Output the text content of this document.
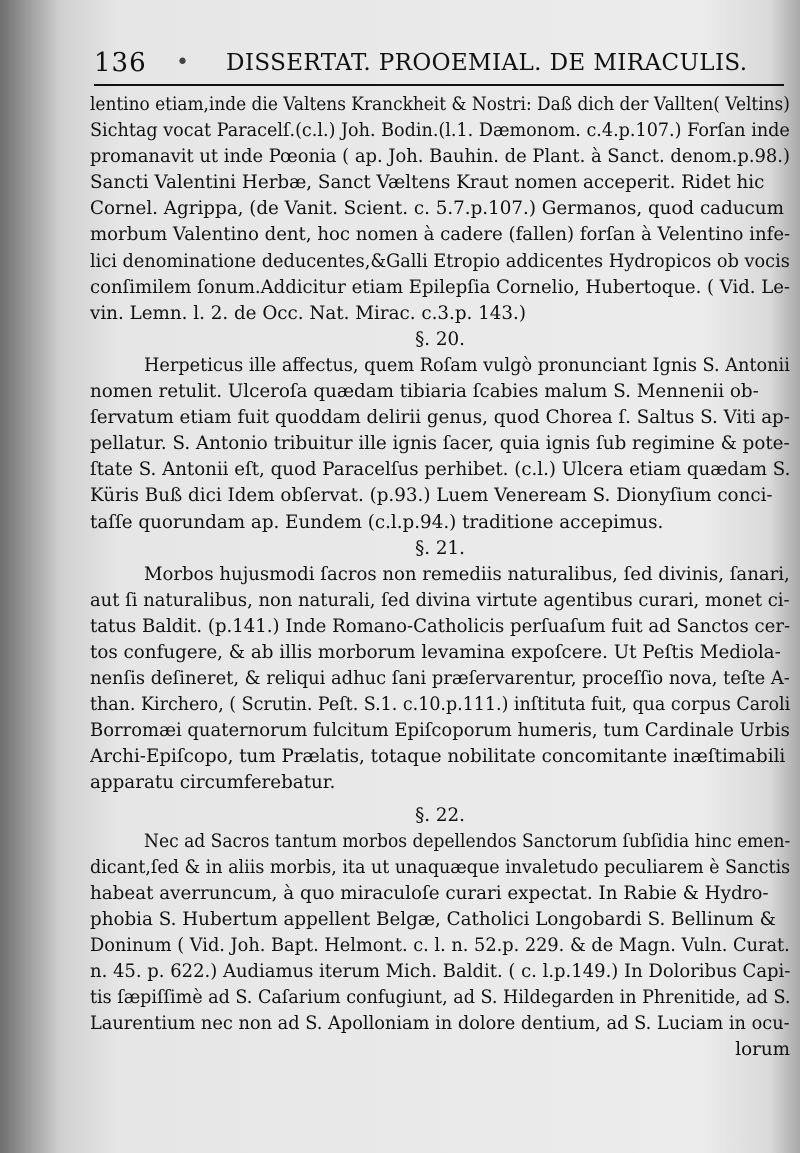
136 • DISSERTAT. PROOEMIAL. DE MIRACULIS.
lentino etiam,inde die Valtens Kranckheit & Nostri: Daß dich der Vallten( Veltins)
Sichtag vocat Paracelſ.(c.l.) Joh. Bodin.(l.1. Dæmonom. c.4.p.107.) Forſan inde
promanavit ut inde Pœonia ( ap. Joh. Bauhin. de Plant. à Sanct. denom.p.98.)
Sancti Valentini Herbæ, Sanct Væltens Kraut nomen acceperit. Ridet hic
Cornel. Agrippa, (de Vanit. Scient. c. 5.7.p.107.) Germanos, quod caducum
morbum Valentino dent, hoc nomen à cadere (fallen) forſan à Velentino infe-
lici denominatione deducentes,&Galli Etropio addicentes Hydropicos ob vocis
conſimilem ſonum.Addicitur etiam Epilepſia Cornelio, Hubertoque. ( Vid. Le-
vin. Lemn. l. 2. de Occ. Nat. Mirac. c.3.p. 143.)
§. 20.
Herpeticus ille affectus, quem Roſam vulgò pronunciant Ignis S. Antonii
nomen retulit. Ulceroſa quædam tibiaria ſcabies malum S. Mennenii ob-
ſervatum etiam fuit quoddam delirii genus, quod Chorea ſ. Saltus S. Viti ap-
pellatur. S. Antonio tribuitur ille ignis ſacer, quia ignis ſub regimine & pote-
ſtate S. Antonii eſt, quod Paracelſus perhibet. (c.l.) Ulcera etiam quædam S.
Küris Buß dici Idem obſervat. (p.93.) Luem Veneream S. Dionyſium conci-
taſſe quorundam ap. Eundem (c.l.p.94.) traditione accepimus.
§. 21.
Morbos hujusmodi ſacros non remediis naturalibus, ſed divinis, ſanari,
aut ſi naturalibus, non naturali, ſed divina virtute agentibus curari, monet ci-
tatus Baldit. (p.141.) Inde Romano-Catholicis perſuaſum fuit ad Sanctos cer-
tos confugere, & ab illis morborum levamina expoſcere. Ut Peſtis Mediola-
nenſis deſineret, & reliqui adhuc ſani præſervarentur, proceſſio nova, teſte A-
than. Kirchero, ( Scrutin. Peſt. S.1. c.10.p.111.) inſtituta fuit, qua corpus Caroli
Borromæi quaternorum fulcitum Epiſcoporum humeris, tum Cardinale Urbis
Archi-Epiſcopo, tum Prælatis, totaque nobilitate concomitante inæſtimabili
apparatu circumferebatur.
§. 22.
Nec ad Sacros tantum morbos depellendos Sanctorum ſubſidia hinc emen-
dicant,ſed & in aliis morbis, ita ut unaquæque invaletudo peculiarem è Sanctis
habeat averruncum, à quo miraculoſe curari expectat. In Rabie & Hydro-
phobia S. Hubertum appellent Belgæ, Catholici Longobardi S. Bellinum &
Doninum ( Vid. Joh. Bapt. Helmont. c. l. n. 52.p. 229. & de Magn. Vuln. Curat.
n. 45. p. 622.) Audiamus iterum Mich. Baldit. ( c. l.p.149.) In Doloribus Capi-
tis ſæpiſſimè ad S. Caſarium confugiunt, ad S. Hildegarden in Phrenitide, ad S.
Laurentium nec non ad S. Apolloniam in dolore dentium, ad S. Luciam in ocu-
lorum
